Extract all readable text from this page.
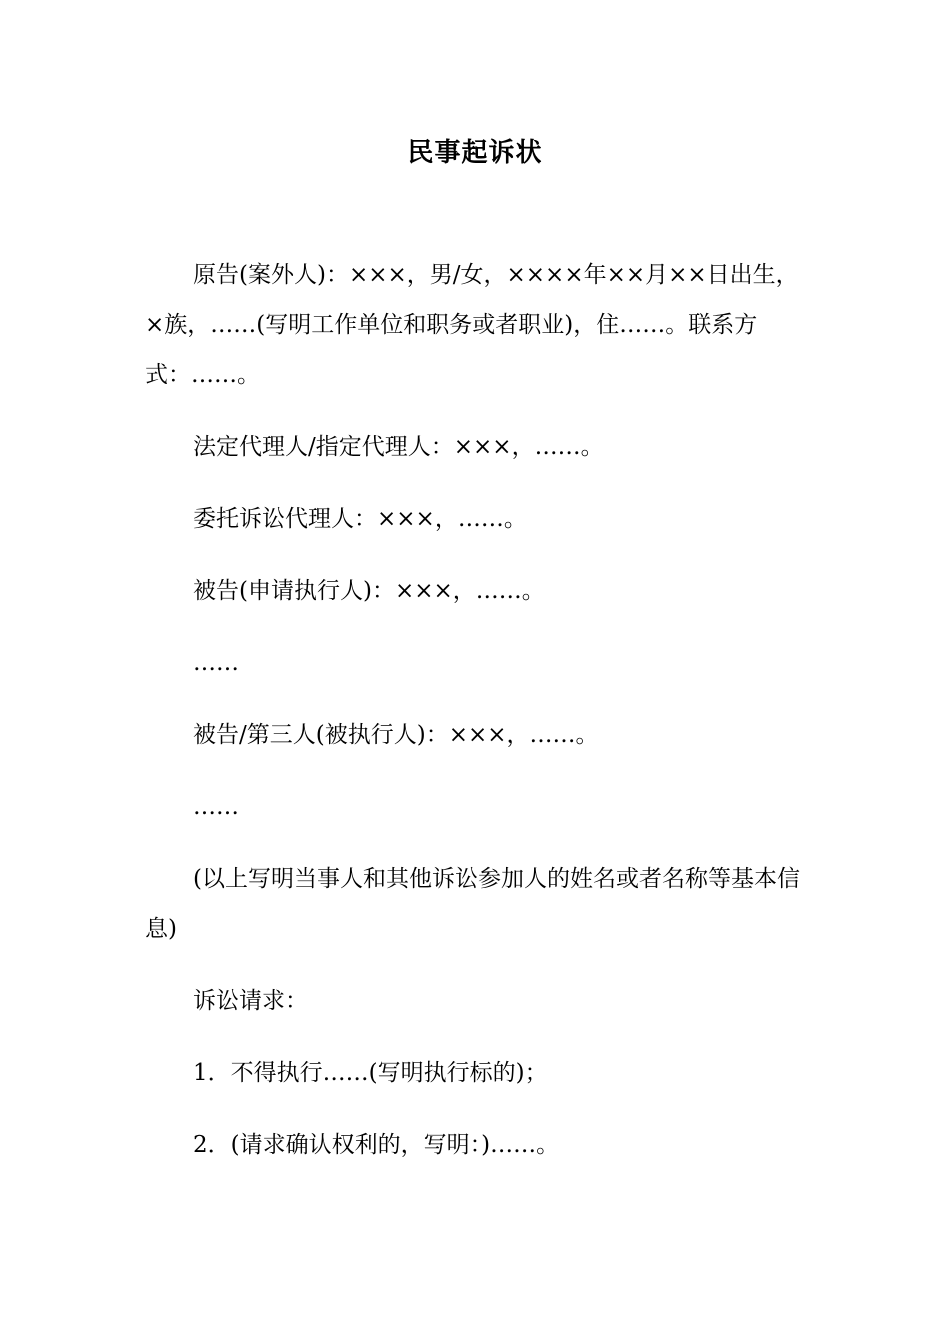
民事起诉状

原告(案外人)：×××，男/女，××××年××月××日出生，×族，……(写明工作单位和职务或者职业)，住……。联系方式：……。

法定代理人/指定代理人：×××，……。

委托诉讼代理人：×××，……。

被告(申请执行人)：×××，……。

……

被告/第三人(被执行人)：×××，……。

……

(以上写明当事人和其他诉讼参加人的姓名或者名称等基本信息)

诉讼请求：

1．不得执行……(写明执行标的)；

2．(请求确认权利的，写明：)……。
